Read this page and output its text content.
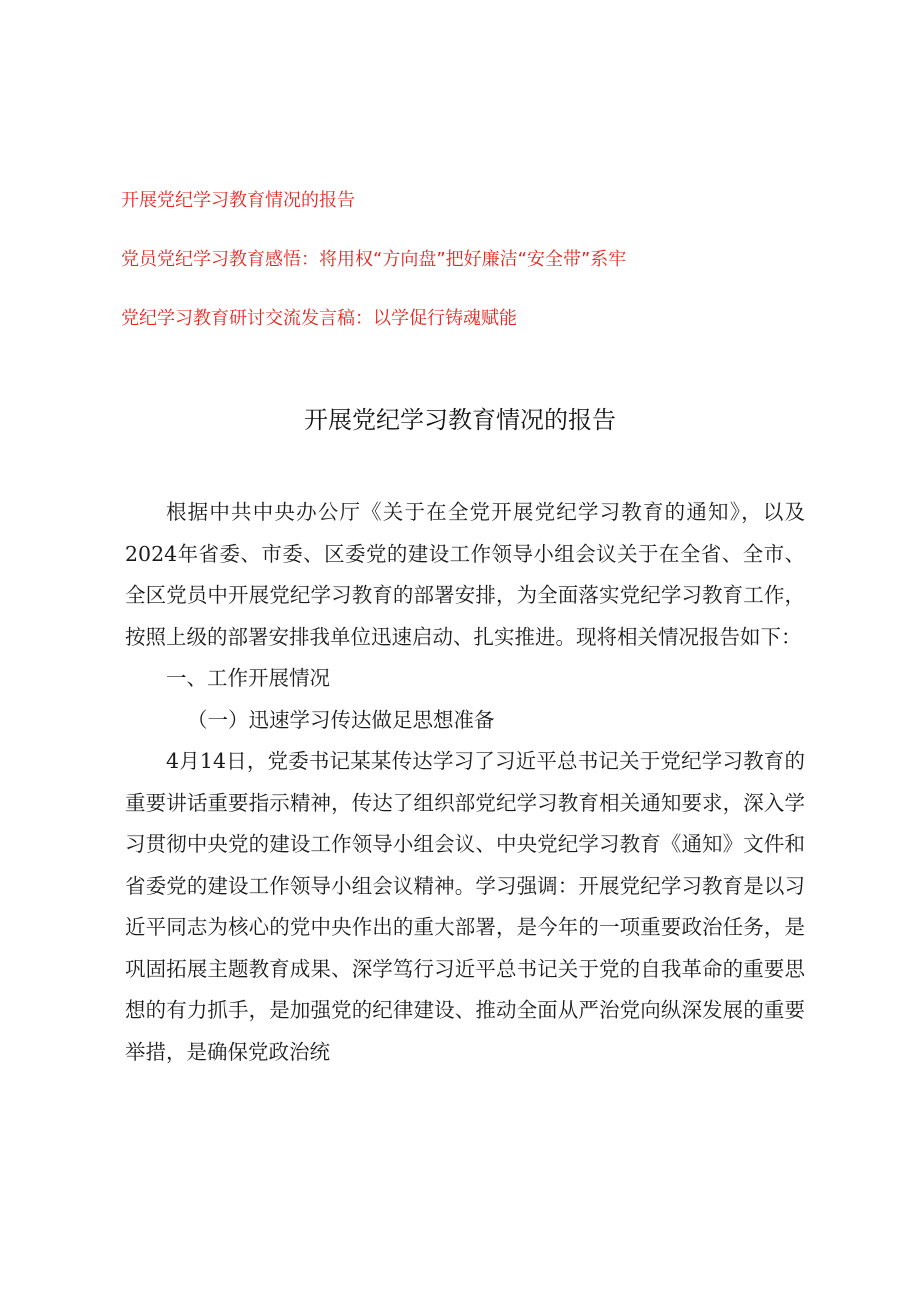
开展党纪学习教育情况的报告
党员党纪学习教育感悟：将用权“方向盘”把好廉洁“安全带”系牢
党纪学习教育研讨交流发言稿：以学促行铸魂赋能
开展党纪学习教育情况的报告

根据中共中央办公厅《关于在全党开展党纪学习教育的通知》，以及2024年省委、市委、区委党的建设工作领导小组会议关于在全省、全市、全区党员中开展党纪学习教育的部署安排，为全面落实党纪学习教育工作，按照上级的部署安排我单位迅速启动、扎实推进。现将相关情况报告如下：

一、工作开展情况

（一）迅速学习传达做足思想准备

4月14日，党委书记某某传达学习了习近平总书记关于党纪学习教育的重要讲话重要指示精神，传达了组织部党纪学习教育相关通知要求，深入学习贯彻中央党的建设工作领导小组会议、中央党纪学习教育《通知》文件和省委党的建设工作领导小组会议精神。学习强调：开展党纪学习教育是以习近平同志为核心的党中央作出的重大部署，是今年的一项重要政治任务，是巩固拓展主题教育成果、深学笃行习近平总书记关于党的自我革命的重要思想的有力抓手，是加强党的纪律建设、推动全面从严治党向纵深发展的重要举措，是确保党政治统
